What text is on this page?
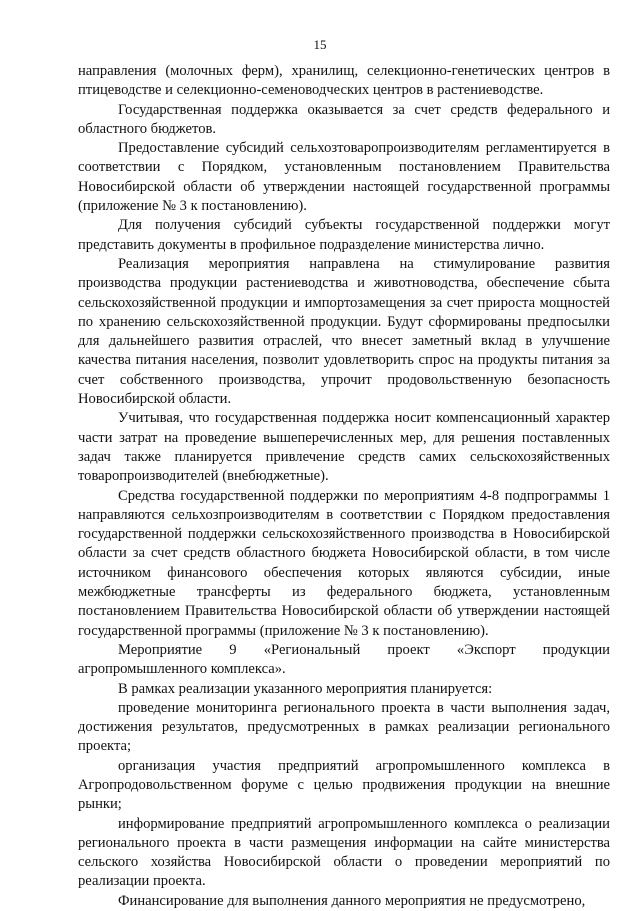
15

направления (молочных ферм), хранилищ, селекционно-генетических центров в птицеводстве и селекционно-семеноводческих центров в растениеводстве.

Государственная поддержка оказывается за счет средств федерального и областного бюджетов.

Предоставление субсидий сельхозтоваропроизводителям регламентируется в соответствии с Порядком, установленным постановлением Правительства Новосибирской области об утверждении настоящей государственной программы (приложение № 3 к постановлению).

Для получения субсидий субъекты государственной поддержки могут представить документы в профильное подразделение министерства лично.

Реализация мероприятия направлена на стимулирование развития производства продукции растениеводства и животноводства, обеспечение сбыта сельскохозяйственной продукции и импортозамещения за счет прироста мощностей по хранению сельскохозяйственной продукции. Будут сформированы предпосылки для дальнейшего развития отраслей, что внесет заметный вклад в улучшение качества питания населения, позволит удовлетворить спрос на продукты питания за счет собственного производства, упрочит продовольственную безопасность Новосибирской области.

Учитывая, что государственная поддержка носит компенсационный характер части затрат на проведение вышеперечисленных мер, для решения поставленных задач также планируется привлечение средств самих сельскохозяйственных товаропроизводителей (внебюджетные).

Средства государственной поддержки по мероприятиям 4-8 подпрограммы 1 направляются сельхозпроизводителям в соответствии с Порядком предоставления государственной поддержки сельскохозяйственного производства в Новосибирской области за счет средств областного бюджета Новосибирской области, в том числе источником финансового обеспечения которых являются субсидии, иные межбюджетные трансферты из федерального бюджета, установленным постановлением Правительства Новосибирской области об утверждении настоящей государственной программы (приложение № 3 к постановлению).

Мероприятие 9 «Региональный проект «Экспорт продукции агропромышленного комплекса».

В рамках реализации указанного мероприятия планируется:

проведение мониторинга регионального проекта в части выполнения задач, достижения результатов, предусмотренных в рамках реализации регионального проекта;

организация участия предприятий агропромышленного комплекса в Агропродовольственном форуме с целью продвижения продукции на внешние рынки;

информирование предприятий агропромышленного комплекса о реализации регионального проекта в части размещения информации на сайте министерства сельского хозяйства Новосибирской области о проведении мероприятий по реализации проекта.

Финансирование для выполнения данного мероприятия не предусмотрено,
